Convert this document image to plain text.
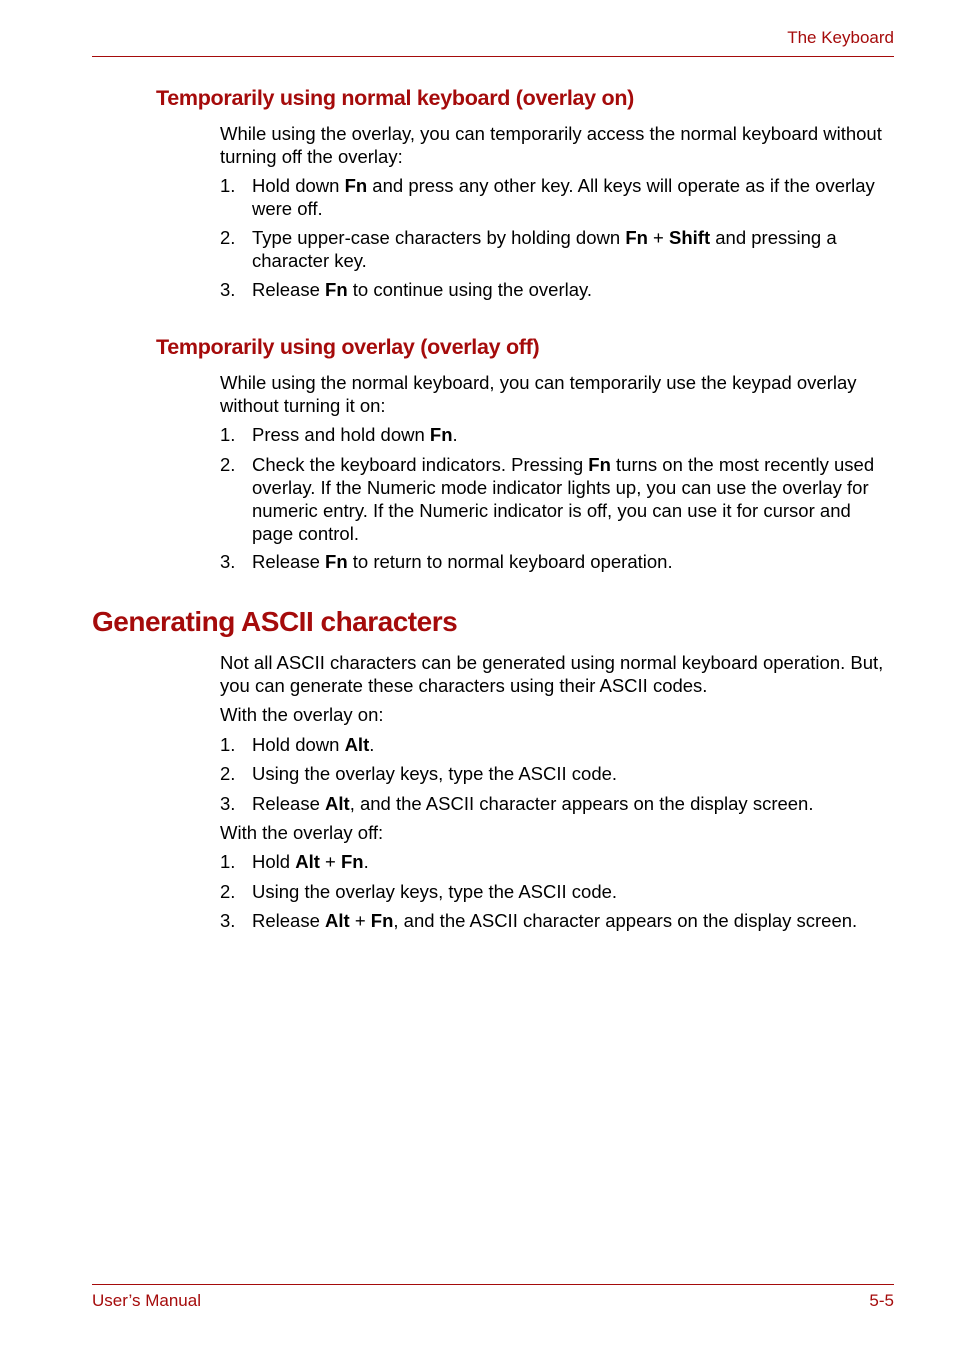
The Keyboard
Temporarily using normal keyboard (overlay on)

While using the overlay, you can temporarily access the normal keyboard without turning off the overlay:

1. Hold down Fn and press any other key. All keys will operate as if the overlay were off.
2. Type upper-case characters by holding down Fn + Shift and pressing a character key.
3. Release Fn to continue using the overlay.
Temporarily using overlay (overlay off)

While using the normal keyboard, you can temporarily use the keypad overlay without turning it on:

1. Press and hold down Fn.
2. Check the keyboard indicators. Pressing Fn turns on the most recently used overlay. If the Numeric mode indicator lights up, you can use the overlay for numeric entry. If the Numeric indicator is off, you can use it for cursor and page control.
3. Release Fn to return to normal keyboard operation.
Generating ASCII characters

Not all ASCII characters can be generated using normal keyboard operation. But, you can generate these characters using their ASCII codes.

With the overlay on:

1. Hold down Alt.
2. Using the overlay keys, type the ASCII code.
3. Release Alt, and the ASCII character appears on the display screen.

With the overlay off:

1. Hold Alt + Fn.
2. Using the overlay keys, type the ASCII code.
3. Release Alt + Fn, and the ASCII character appears on the display screen.
User’s Manual	5-5
